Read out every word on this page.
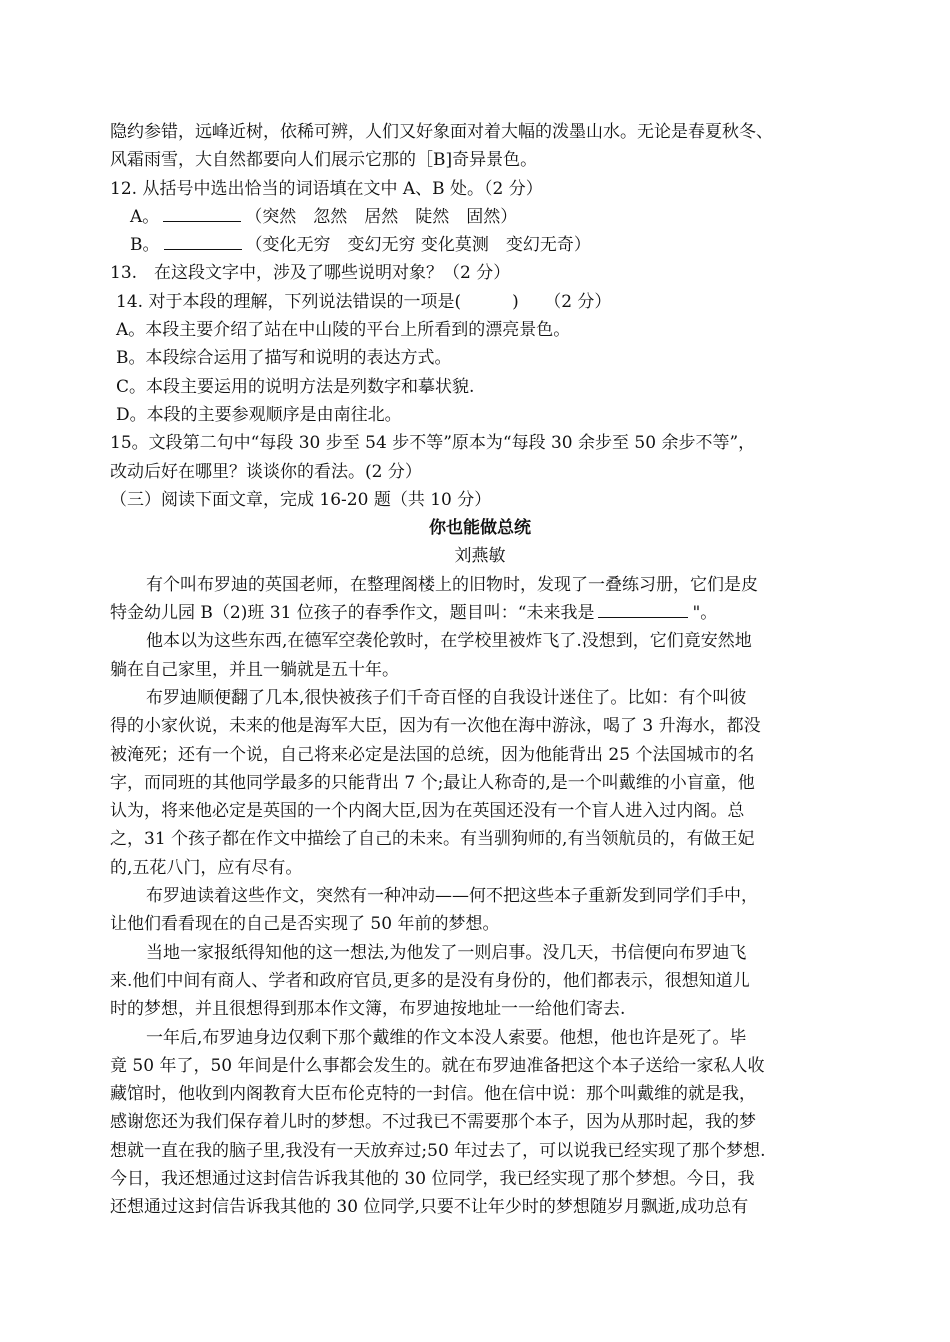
隐约参错，远峰近树，依稀可辨，人们又好象面对着大幅的泼墨山水。无论是春夏秋冬、
风霜雨雪，大自然都要向人们展示它那的［B]奇异景色。
12. 从括号中选出恰当的词语填在文中 A、B 处。（2 分）
A。	（突然　忽然　居然　陡然　固然）
B。	（变化无穷　变幻无穷 变化莫测　变幻无奇）
13.　在这段文字中，涉及了哪些说明对象？（2 分）
14. 对于本段的理解，下列说法错误的一项是(　　　)　　（2 分）
A。本段主要介绍了站在中山陵的平台上所看到的漂亮景色。
B。本段综合运用了描写和说明的表达方式。
C。本段主要运用的说明方法是列数字和摹状貌.
D。本段的主要参观顺序是由南往北。
15。文段第二句中“每段 30 步至 54 步不等”原本为“每段 30 余步至 50 余步不等”，
改动后好在哪里？谈谈你的看法。(2 分）
（三）阅读下面文章，完成 16-20 题（共 10 分）
你也能做总统
刘燕敏
有个叫布罗迪的英国老师，在整理阁楼上的旧物时，发现了一叠练习册，它们是皮
特金幼儿园 B（2)班 31 位孩子的春季作文，题目叫：“未来我是	"。
他本以为这些东西,在德军空袭伦敦时，在学校里被炸飞了.没想到，它们竟安然地
躺在自己家里，并且一躺就是五十年。
布罗迪顺便翻了几本,很快被孩子们千奇百怪的自我设计迷住了。比如：有个叫彼
得的小家伙说，未来的他是海军大臣，因为有一次他在海中游泳，喝了 3 升海水，都没
被淹死；还有一个说，自己将来必定是法国的总统，因为他能背出 25 个法国城市的名
字，而同班的其他同学最多的只能背出 7 个;最让人称奇的,是一个叫戴维的小盲童，他
认为，将来他必定是英国的一个内阁大臣,因为在英国还没有一个盲人进入过内阁。总
之，31 个孩子都在作文中描绘了自己的未来。有当驯狗师的,有当领航员的，有做王妃
的,五花八门，应有尽有。
布罗迪读着这些作文，突然有一种冲动——何不把这些本子重新发到同学们手中，
让他们看看现在的自己是否实现了 50 年前的梦想。
当地一家报纸得知他的这一想法,为他发了一则启事。没几天，书信便向布罗迪飞
来.他们中间有商人、学者和政府官员,更多的是没有身份的，他们都表示，很想知道儿
时的梦想，并且很想得到那本作文簿，布罗迪按地址一一给他们寄去.
一年后,布罗迪身边仅剩下那个戴维的作文本没人索要。他想，他也许是死了。毕
竟 50 年了，50 年间是什么事都会发生的。就在布罗迪准备把这个本子送给一家私人收
藏馆时，他收到内阁教育大臣布伦克特的一封信。他在信中说：那个叫戴维的就是我，
感谢您还为我们保存着儿时的梦想。不过我已不需要那个本子，因为从那时起，我的梦
想就一直在我的脑子里,我没有一天放弃过;50 年过去了，可以说我已经实现了那个梦想.
今日，我还想通过这封信告诉我其他的 30 位同学，我已经实现了那个梦想。今日，我
还想通过这封信告诉我其他的 30 位同学,只要不让年少时的梦想随岁月飘逝,成功总有
